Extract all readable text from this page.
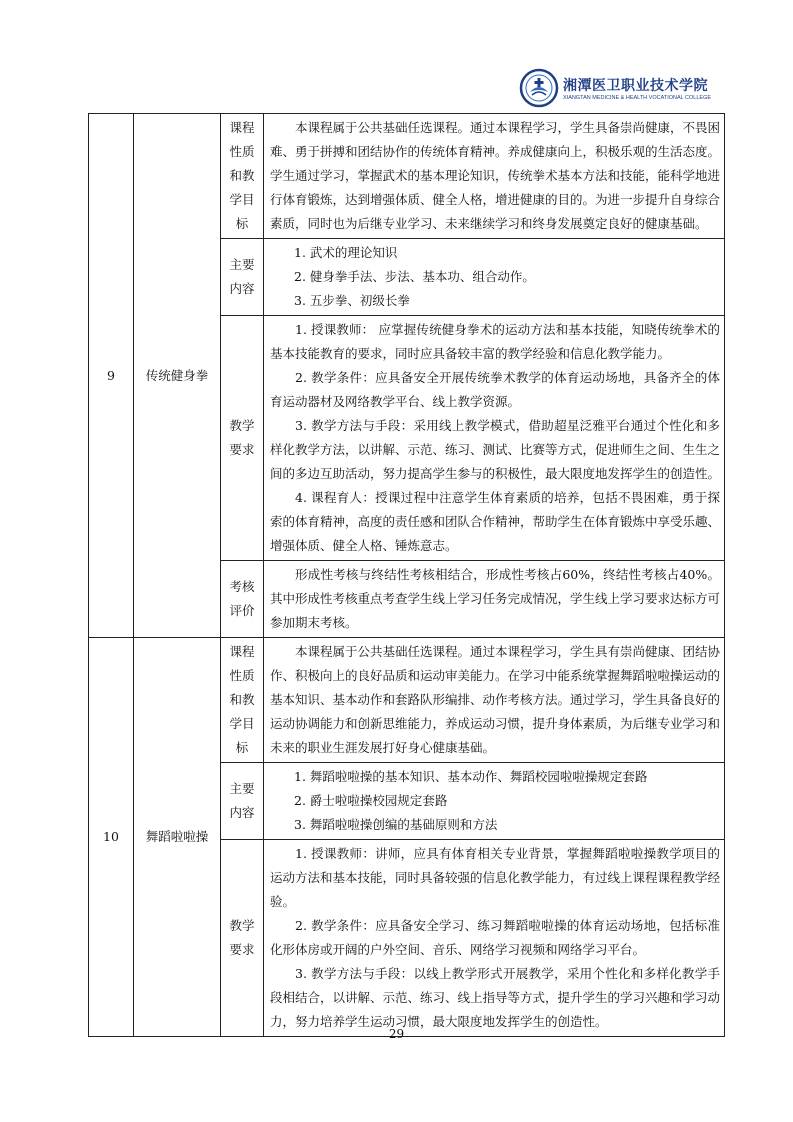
湘潭医卫职业技术学院
XIANGTAN MEDICINE & HEALTH VOCATIONAL COLLEGE
9	传统健身拳	课程性质和教学目标	本课程属于公共基础任选课程。通过本课程学习，学生具备崇尚健康，不畏困难、勇于拼搏和团结协作的传统体育精神。养成健康向上，积极乐观的生活态度。学生通过学习，掌握武术的基本理论知识，传统拳术基本方法和技能，能科学地进行体育锻炼，达到增强体质、健全人格，增进健康的目的。为进一步提升自身综合素质，同时也为后继专业学习、未来继续学习和终身发展奠定良好的健康基础。

		主要内容	1. 武术的理论知识
2. 健身拳手法、步法、基本功、组合动作。
3. 五步拳、初级长拳

		教学要求	1. 授课教师： 应掌握传统健身拳术的运动方法和基本技能，知晓传统拳术的基本技能教育的要求，同时应具备较丰富的教学经验和信息化教学能力。
2. 教学条件：应具备安全开展传统拳术教学的体育运动场地，具备齐全的体育运动器材及网络教学平台、线上教学资源。
3. 教学方法与手段：采用线上教学模式，借助超星泛雅平台通过个性化和多样化教学方法，以讲解、示范、练习、测试、比赛等方式，促进师生之间、生生之间的多边互助活动，努力提高学生参与的积极性，最大限度地发挥学生的创造性。
4. 课程育人：授课过程中注意学生体育素质的培养，包括不畏困难，勇于探索的体育精神，高度的责任感和团队合作精神，帮助学生在体育锻炼中享受乐趣、增强体质、健全人格、锤炼意志。

		考核评价	形成性考核与终结性考核相结合，形成性考核占60%，终结性考核占40%。其中形成性考核重点考查学生线上学习任务完成情况，学生线上学习要求达标方可参加期末考核。

10	舞蹈啦啦操	课程性质和教学目标	本课程属于公共基础任选课程。通过本课程学习，学生具有崇尚健康、团结协作、积极向上的良好品质和运动审美能力。在学习中能系统掌握舞蹈啦啦操运动的基本知识、基本动作和套路队形编排、动作考核方法。通过学习，学生具备良好的运动协调能力和创新思维能力，养成运动习惯，提升身体素质，为后继专业学习和未来的职业生涯发展打好身心健康基础。

		主要内容	1. 舞蹈啦啦操的基本知识、基本动作、舞蹈校园啦啦操规定套路
2. 爵士啦啦操校园规定套路
3. 舞蹈啦啦操创编的基础原则和方法

		教学要求	1. 授课教师：讲师，应具有体育相关专业背景，掌握舞蹈啦啦操教学项目的运动方法和基本技能，同时具备较强的信息化教学能力，有过线上课程课程教学经验。
2. 教学条件：应具备安全学习、练习舞蹈啦啦操的体育运动场地，包括标准化形体房或开阔的户外空间、音乐、网络学习视频和网络学习平台。
3. 教学方法与手段：以线上教学形式开展教学，采用个性化和多样化教学手段相结合，以讲解、示范、练习、线上指导等方式，提升学生的学习兴趣和学习动力，努力培养学生运动习惯，最大限度地发挥学生的创造性。
29
